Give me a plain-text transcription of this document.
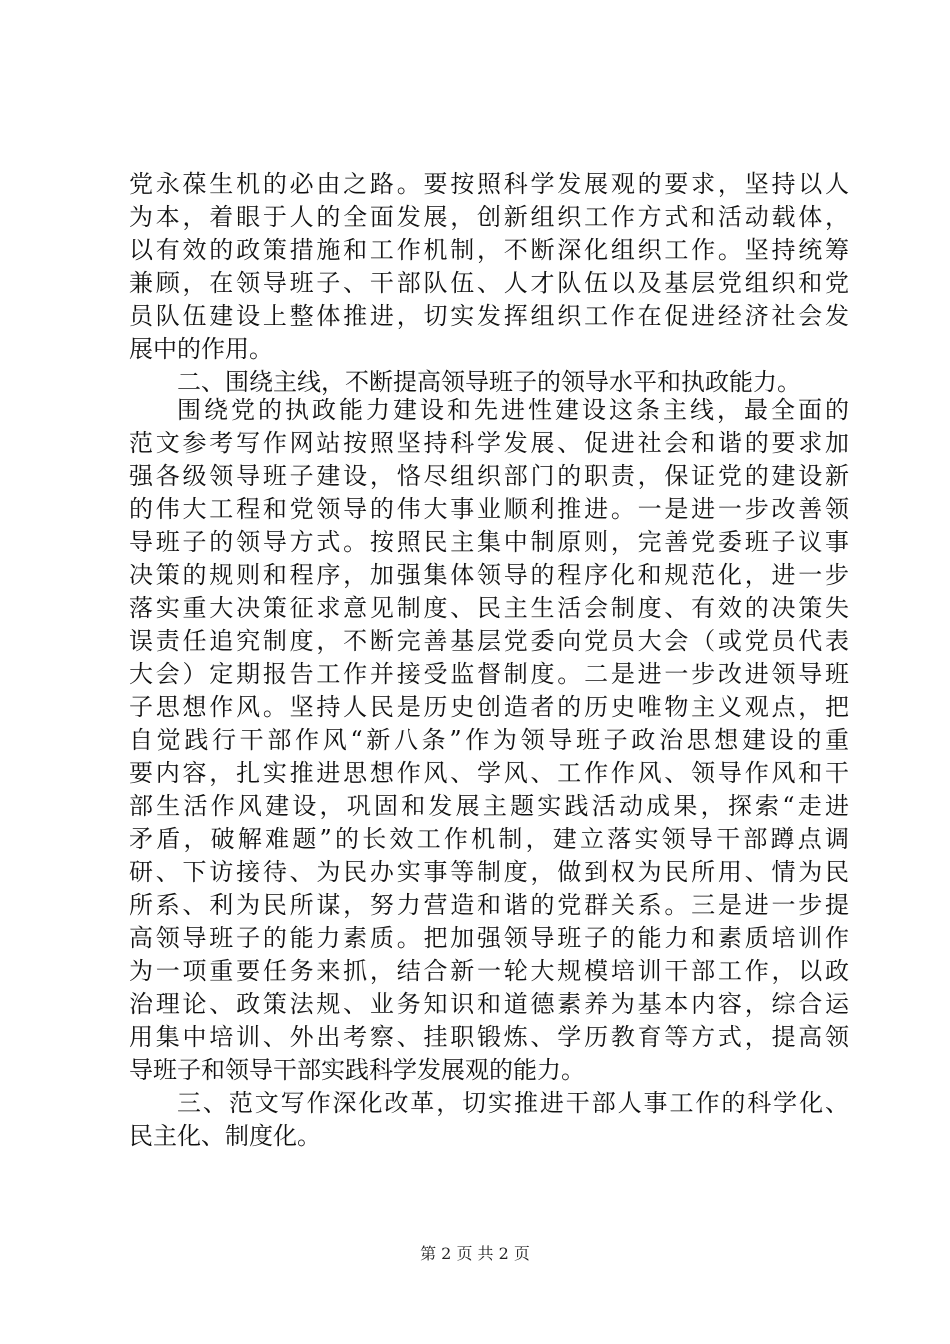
党永葆生机的必由之路。要按照科学发展观的要求，坚持以人
为本，着眼于人的全面发展，创新组织工作方式和活动载体，
以有效的政策措施和工作机制，不断深化组织工作。坚持统筹
兼顾，在领导班子、干部队伍、人才队伍以及基层党组织和党
员队伍建设上整体推进，切实发挥组织工作在促进经济社会发
展中的作用。
二、围绕主线，不断提高领导班子的领导水平和执政能力。
围绕党的执政能力建设和先进性建设这条主线，最全面的
范文参考写作网站按照坚持科学发展、促进社会和谐的要求加
强各级领导班子建设，恪尽组织部门的职责，保证党的建设新
的伟大工程和党领导的伟大事业顺利推进。一是进一步改善领
导班子的领导方式。按照民主集中制原则，完善党委班子议事
决策的规则和程序，加强集体领导的程序化和规范化，进一步
落实重大决策征求意见制度、民主生活会制度、有效的决策失
误责任追究制度，不断完善基层党委向党员大会（或党员代表
大会）定期报告工作并接受监督制度。二是进一步改进领导班
子思想作风。坚持人民是历史创造者的历史唯物主义观点，把
自觉践行干部作风“新八条”作为领导班子政治思想建设的重
要内容，扎实推进思想作风、学风、工作作风、领导作风和干
部生活作风建设，巩固和发展主题实践活动成果，探索“走进
矛盾，破解难题”的长效工作机制，建立落实领导干部蹲点调
研、下访接待、为民办实事等制度，做到权为民所用、情为民
所系、利为民所谋，努力营造和谐的党群关系。三是进一步提
高领导班子的能力素质。把加强领导班子的能力和素质培训作
为一项重要任务来抓，结合新一轮大规模培训干部工作，以政
治理论、政策法规、业务知识和道德素养为基本内容，综合运
用集中培训、外出考察、挂职锻炼、学历教育等方式，提高领
导班子和领导干部实践科学发展观的能力。
三、范文写作深化改革，切实推进干部人事工作的科学化、
民主化、制度化。
第 2 页 共 2 页
